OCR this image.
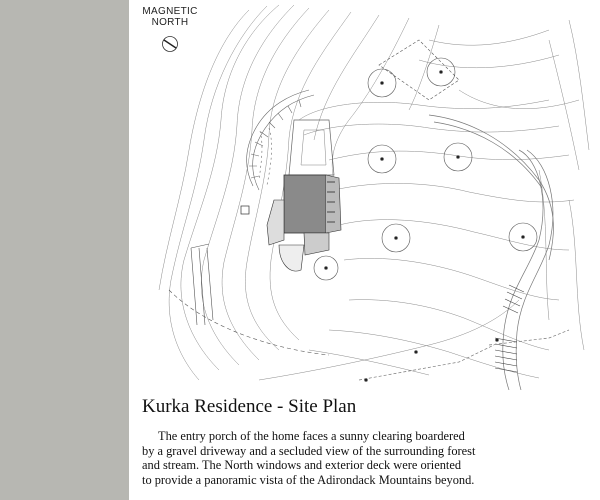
MAGNETIC
NORTH
Kurka Residence - Site Plan

The entry porch of the home faces a sunny clearing boardered
by a gravel driveway and a secluded view of the surrounding forest
and stream. The North windows and exterior deck were oriented
to provide a panoramic vista of the Adirondack Mountains beyond.
